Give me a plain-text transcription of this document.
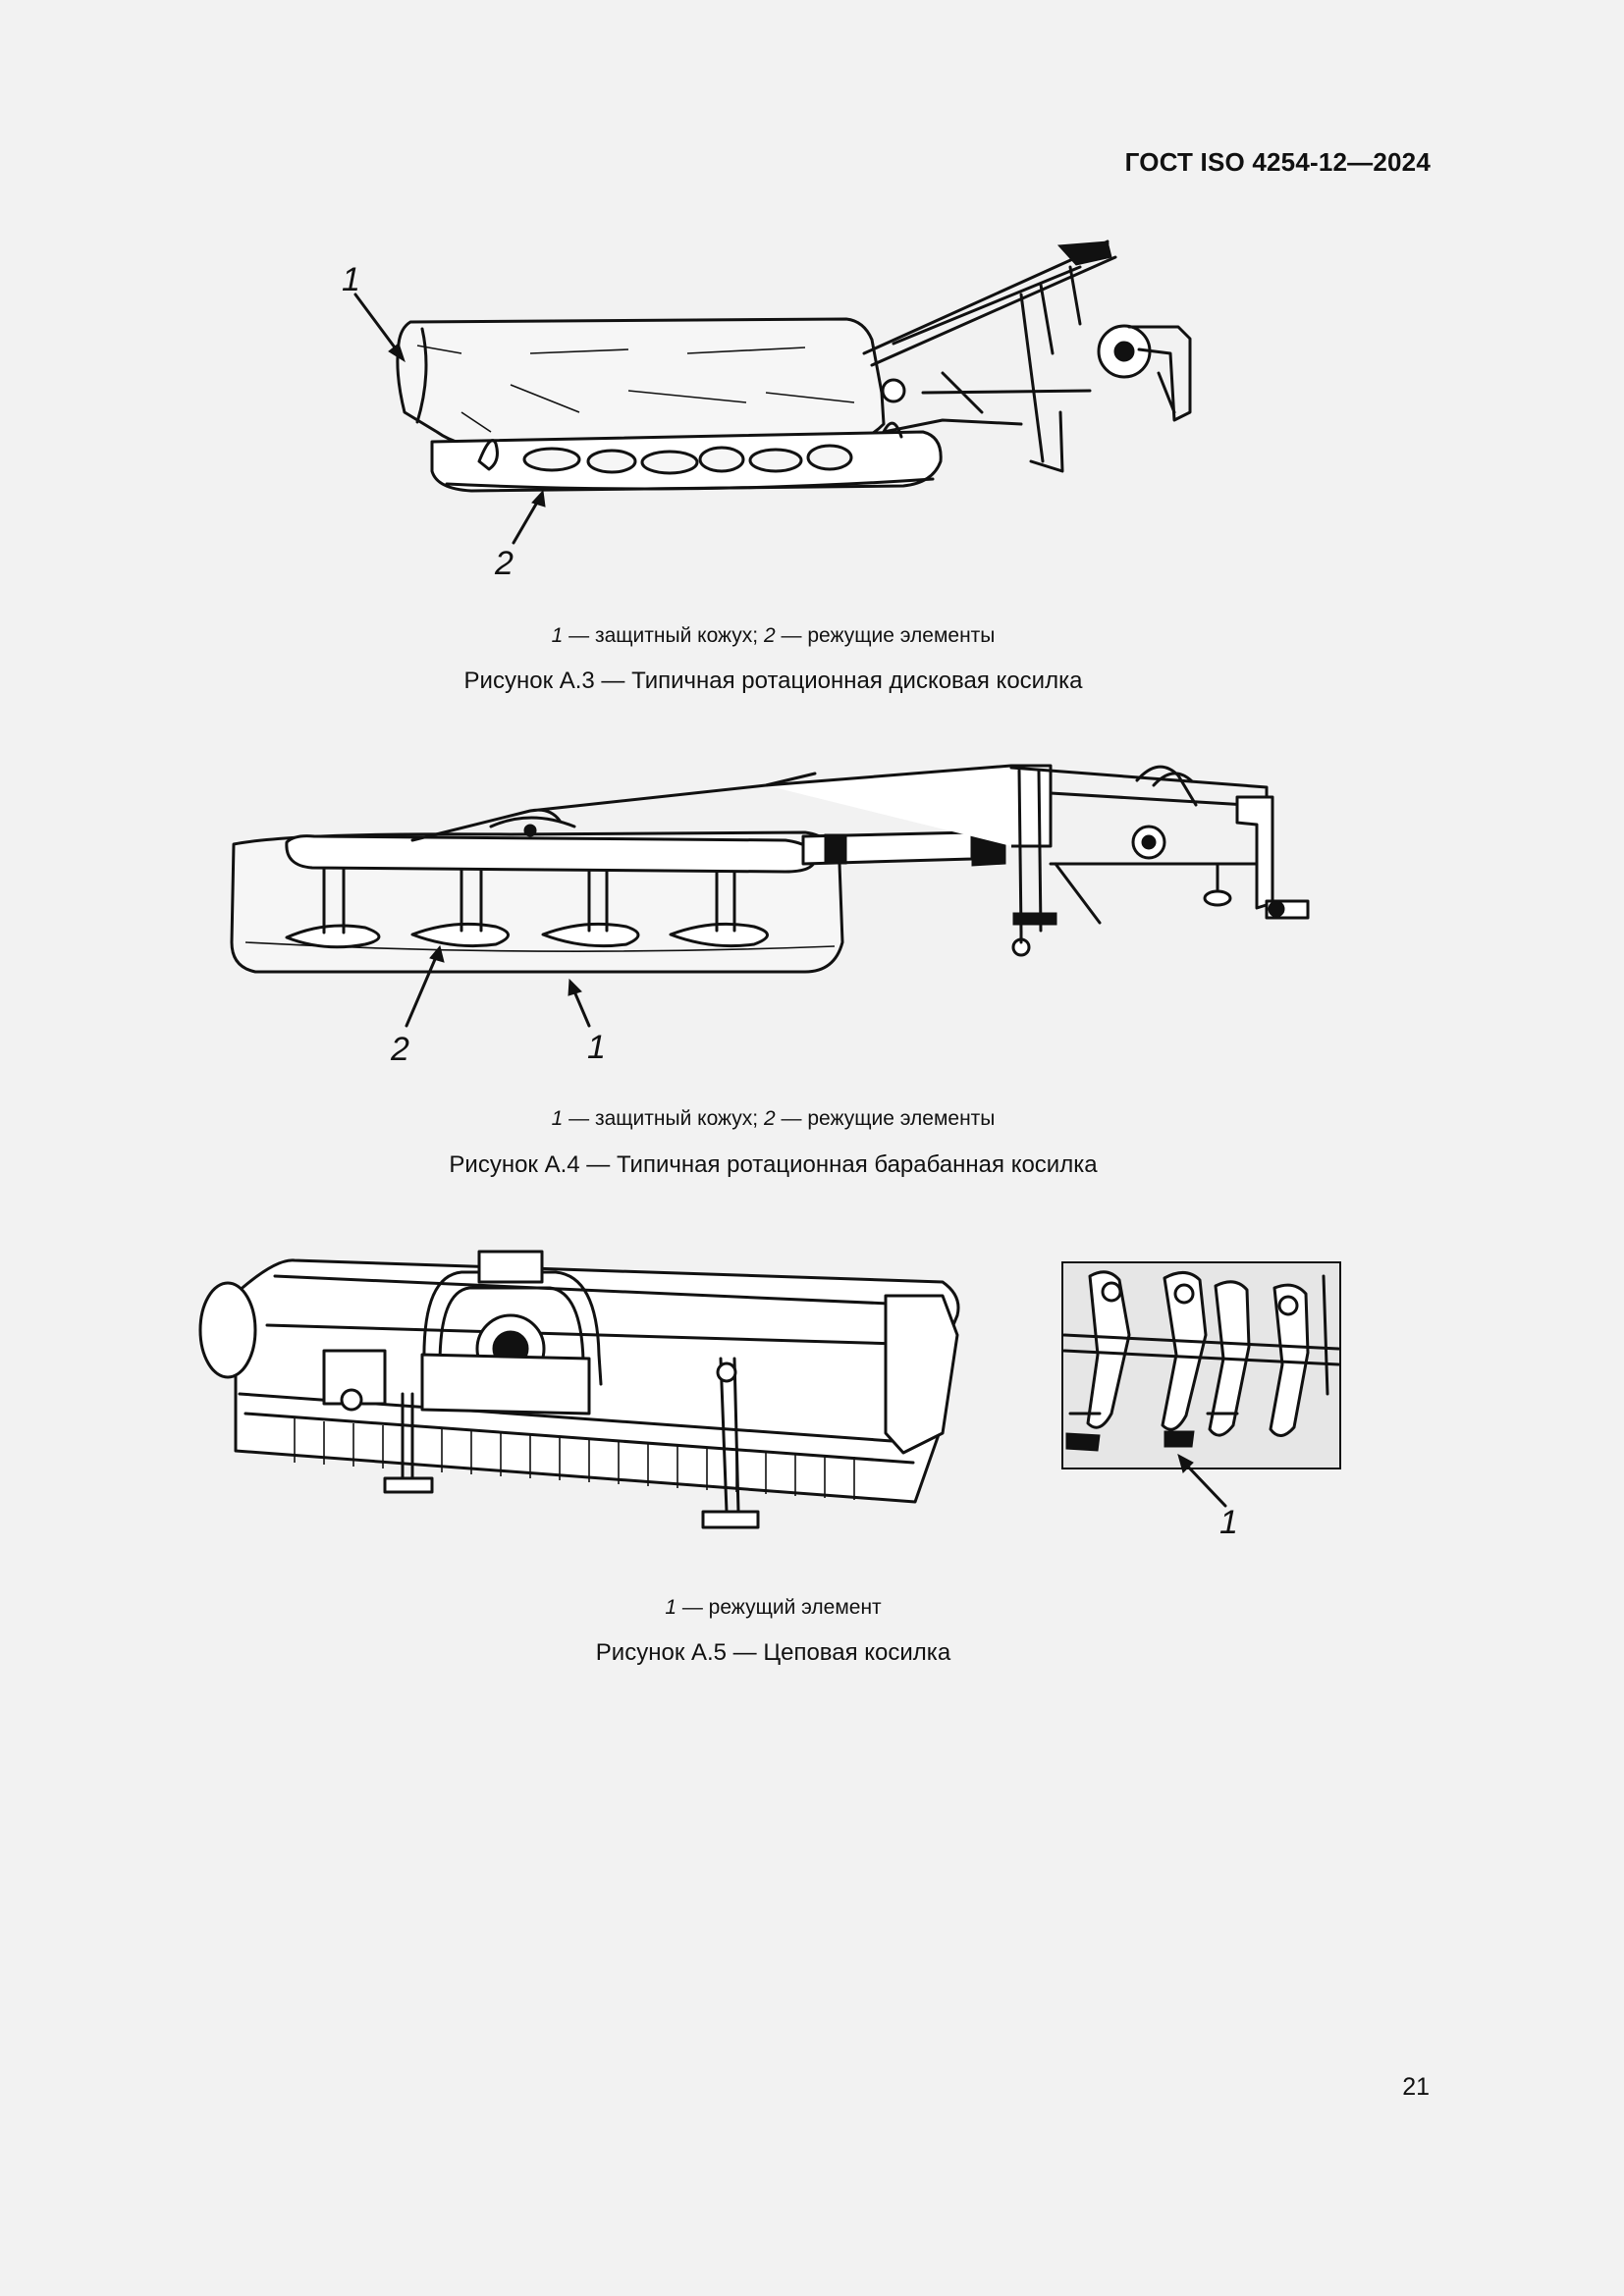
ГОСТ ISO 4254-12—2024
1
2
1 — защитный кожух; 2 — режущие элементы
Рисунок А.3 — Типичная ротационная дисковая косилка
2	1
1 — защитный кожух; 2 — режущие элементы
Рисунок А.4 — Типичная ротационная барабанная косилка
1
1 — режущий элемент
Рисунок А.5 — Цеповая косилка
21
